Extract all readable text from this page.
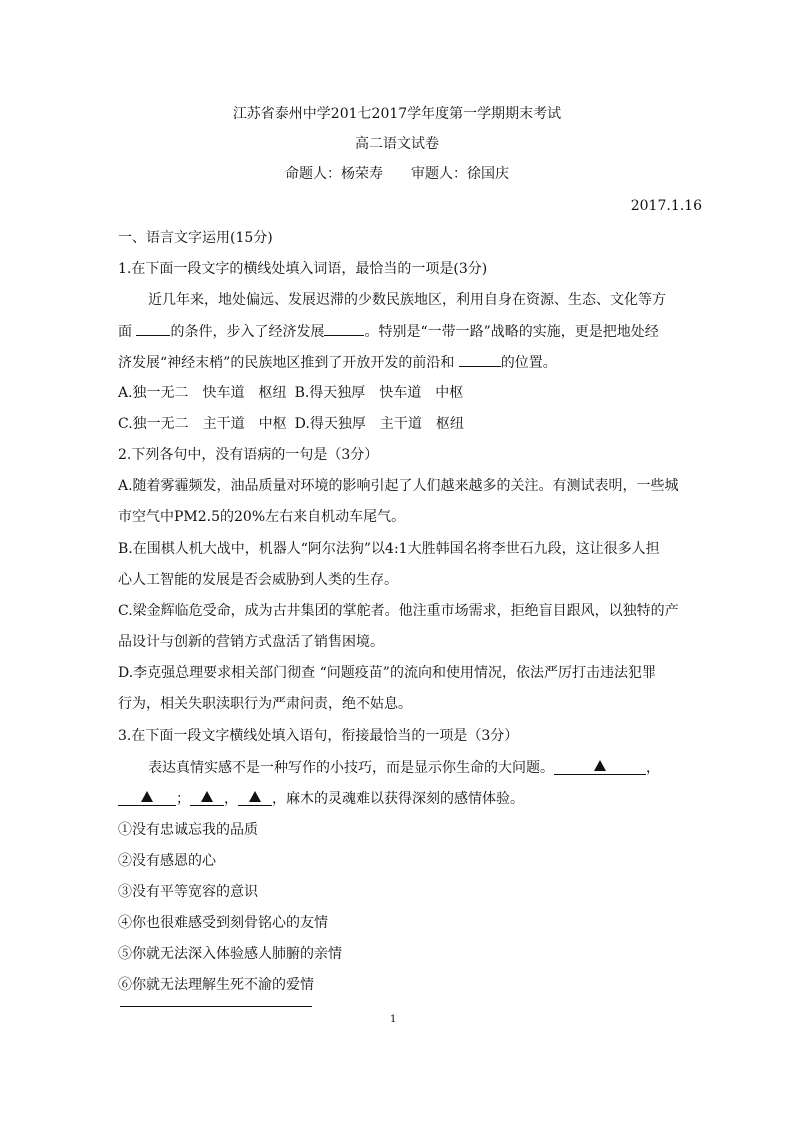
江苏省泰州中学201七2017学年度第一学期期末考试
高二语文试卷
命题人：杨荣寿 审题人：徐国庆
2017.1.16
一、语言文字运用(15分)
1.在下面一段文字的横线处填入词语，最恰当的一项是(3分)
近几年来，地处偏远、发展迟滞的少数民族地区，利用自身在资源、生态、文化等方
面 的条件，步入了经济发展	。特别是“一带一路”战略的实施，更是把地处经
济发展“神经末梢”的民族地区推到了开放开发的前沿和	的位置。
A.独一无二　快车道　枢纽 B.得天独厚　快车道　中枢
C.独一无二　主干道　中枢 D.得天独厚　主干道　枢纽
2.下列各句中，没有语病的一句是（3分）
A.随着雾霾频发，油品质量对环境的影响引起了人们越来越多的关注。有测试表明，一些城
市空气中PM2.5的20%左右来自机动车尾气。
B.在围棋人机大战中，机器人“阿尔法狗”以4:1大胜韩国名将李世石九段，这让很多人担
心人工智能的发展是否会威胁到人类的生存。
C.梁金辉临危受命，成为古井集团的掌舵者。他注重市场需求，拒绝盲目跟风，以独特的产
品设计与创新的营销方式盘活了销售困境。
D.李克强总理要求相关部门彻查 “问题疫苗”的流向和使用情况，依法严厉打击违法犯罪
行为，相关失职渎职行为严肃问责，绝不姑息。
3.在下面一段文字横线处填入语句，衔接最恰当的一项是（3分）
表达真情实感不是一种写作的小技巧，而是显示你生命的大问题。	，
； ， ，麻木的灵魂难以获得深刻的感情体验。
①没有忠诚忘我的品质
②没有感恩的心
③没有平等宽容的意识
④你也很难感受到刻骨铭心的友情
⑤你就无法深入体验感人肺腑的亲情
⑥你就无法理解生死不渝的爱情
1
